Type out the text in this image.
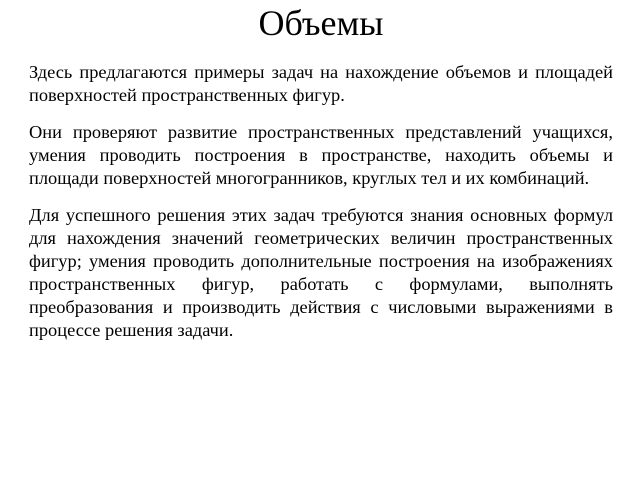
Объемы

Здесь предлагаются примеры задач на нахождение объемов и площадей поверхностей пространственных фигур.

Они проверяют развитие пространственных представлений учащихся, умения проводить построения в пространстве, находить объемы и площади поверхностей многогранников, круглых тел и их комбинаций.

Для успешного решения этих задач требуются знания основных формул для нахождения значений геометрических величин пространственных фигур; умения проводить дополнительные построения на изображениях пространственных фигур, работать с формулами, выполнять преобразования и производить действия с числовыми выражениями в процессе решения задачи.
